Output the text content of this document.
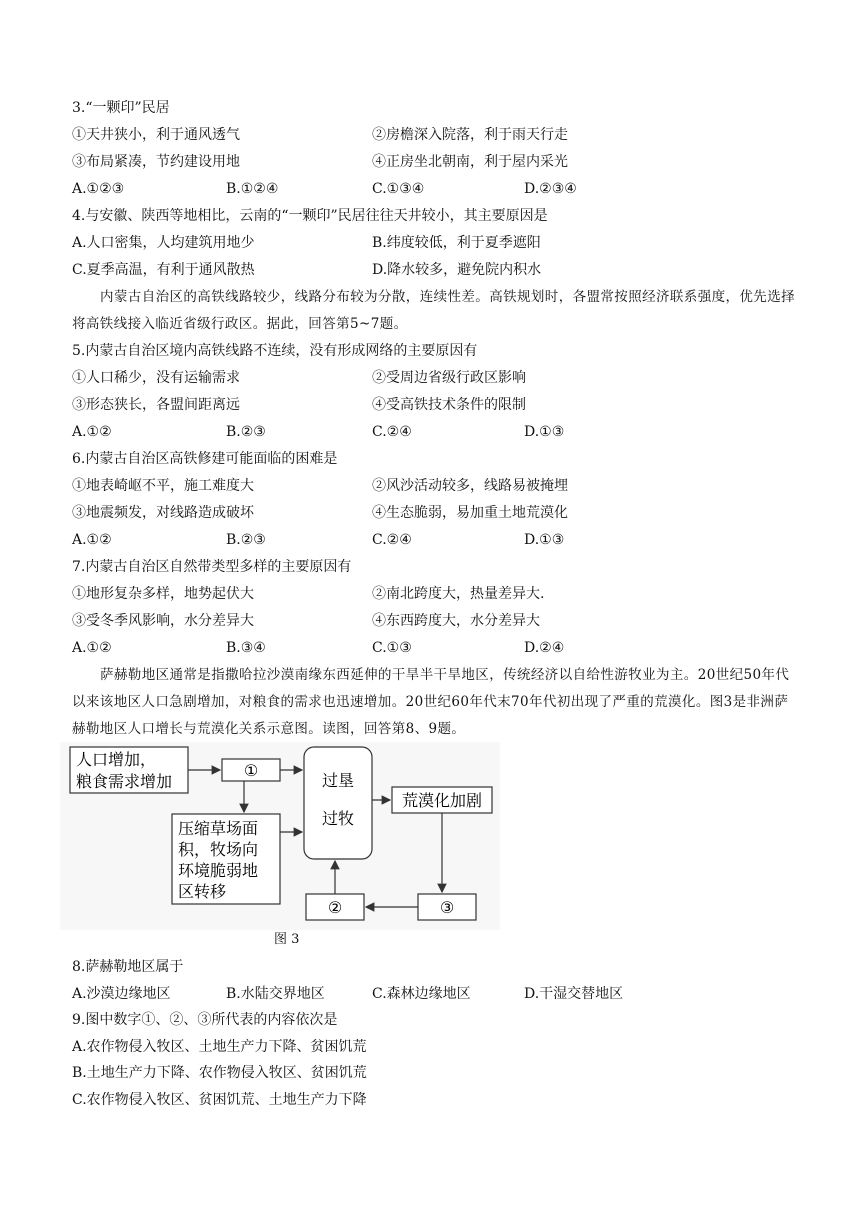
3.“一颗印”民居
①天井狭小，利于通风透气	②房檐深入院落，利于雨天行走
③布局紧凑，节约建设用地	④正房坐北朝南，利于屋内采光
A.①②③	B.①②④	C.①③④	D.②③④
4.与安徽、陕西等地相比，云南的“一颗印”民居往往天井较小，其主要原因是
A.人口密集，人均建筑用地少	B.纬度较低，利于夏季遮阳
C.夏季高温，有利于通风散热	D.降水较多，避免院内积水
内蒙古自治区的高铁线路较少，线路分布较为分散，连续性差。高铁规划时，各盟常按照经济联系强度，优先选择将高铁线接入临近省级行政区。据此，回答第5~7题。
5.内蒙古自治区境内高铁线路不连续，没有形成网络的主要原因有
①人口稀少，没有运输需求	②受周边省级行政区影响
③形态狭长，各盟间距离远	④受高铁技术条件的限制
A.①②	B.②③	C.②④	D.①③
6.内蒙古自治区高铁修建可能面临的困难是
①地表崎岖不平，施工难度大	②风沙活动较多，线路易被掩埋
③地震频发，对线路造成破坏	④生态脆弱，易加重土地荒漠化
A.①②	B.②③	C.②④	D.①③
7.内蒙古自治区自然带类型多样的主要原因有
①地形复杂多样，地势起伏大	②南北跨度大，热量差异大.
③受冬季风影响，水分差异大	④东西跨度大，水分差异大
A.①②	B.③④	C.①③	D.②④
萨赫勒地区通常是指撒哈拉沙漠南缘东西延伸的干旱半干旱地区，传统经济以自给性游牧业为主。20世纪50年代以来该地区人口急剧增加，对粮食的需求也迅速增加。20世纪60年代末70年代初出现了严重的荒漠化。图3是非洲萨赫勒地区人口增长与荒漠化关系示意图。读图，回答第8、9题。
人口增加，
粮食需求增加
①
过垦
过牧
荒漠化加剧
压缩草场面
积，牧场向
环境脆弱地
区转移
②	③
图 3
8.萨赫勒地区属于
A.沙漠边缘地区	B.水陆交界地区	C.森林边缘地区	D.干湿交替地区
9.图中数字①、②、③所代表的内容依次是
A.农作物侵入牧区、土地生产力下降、贫困饥荒
B.土地生产力下降、农作物侵入牧区、贫困饥荒
C.农作物侵入牧区、贫困饥荒、土地生产力下降
